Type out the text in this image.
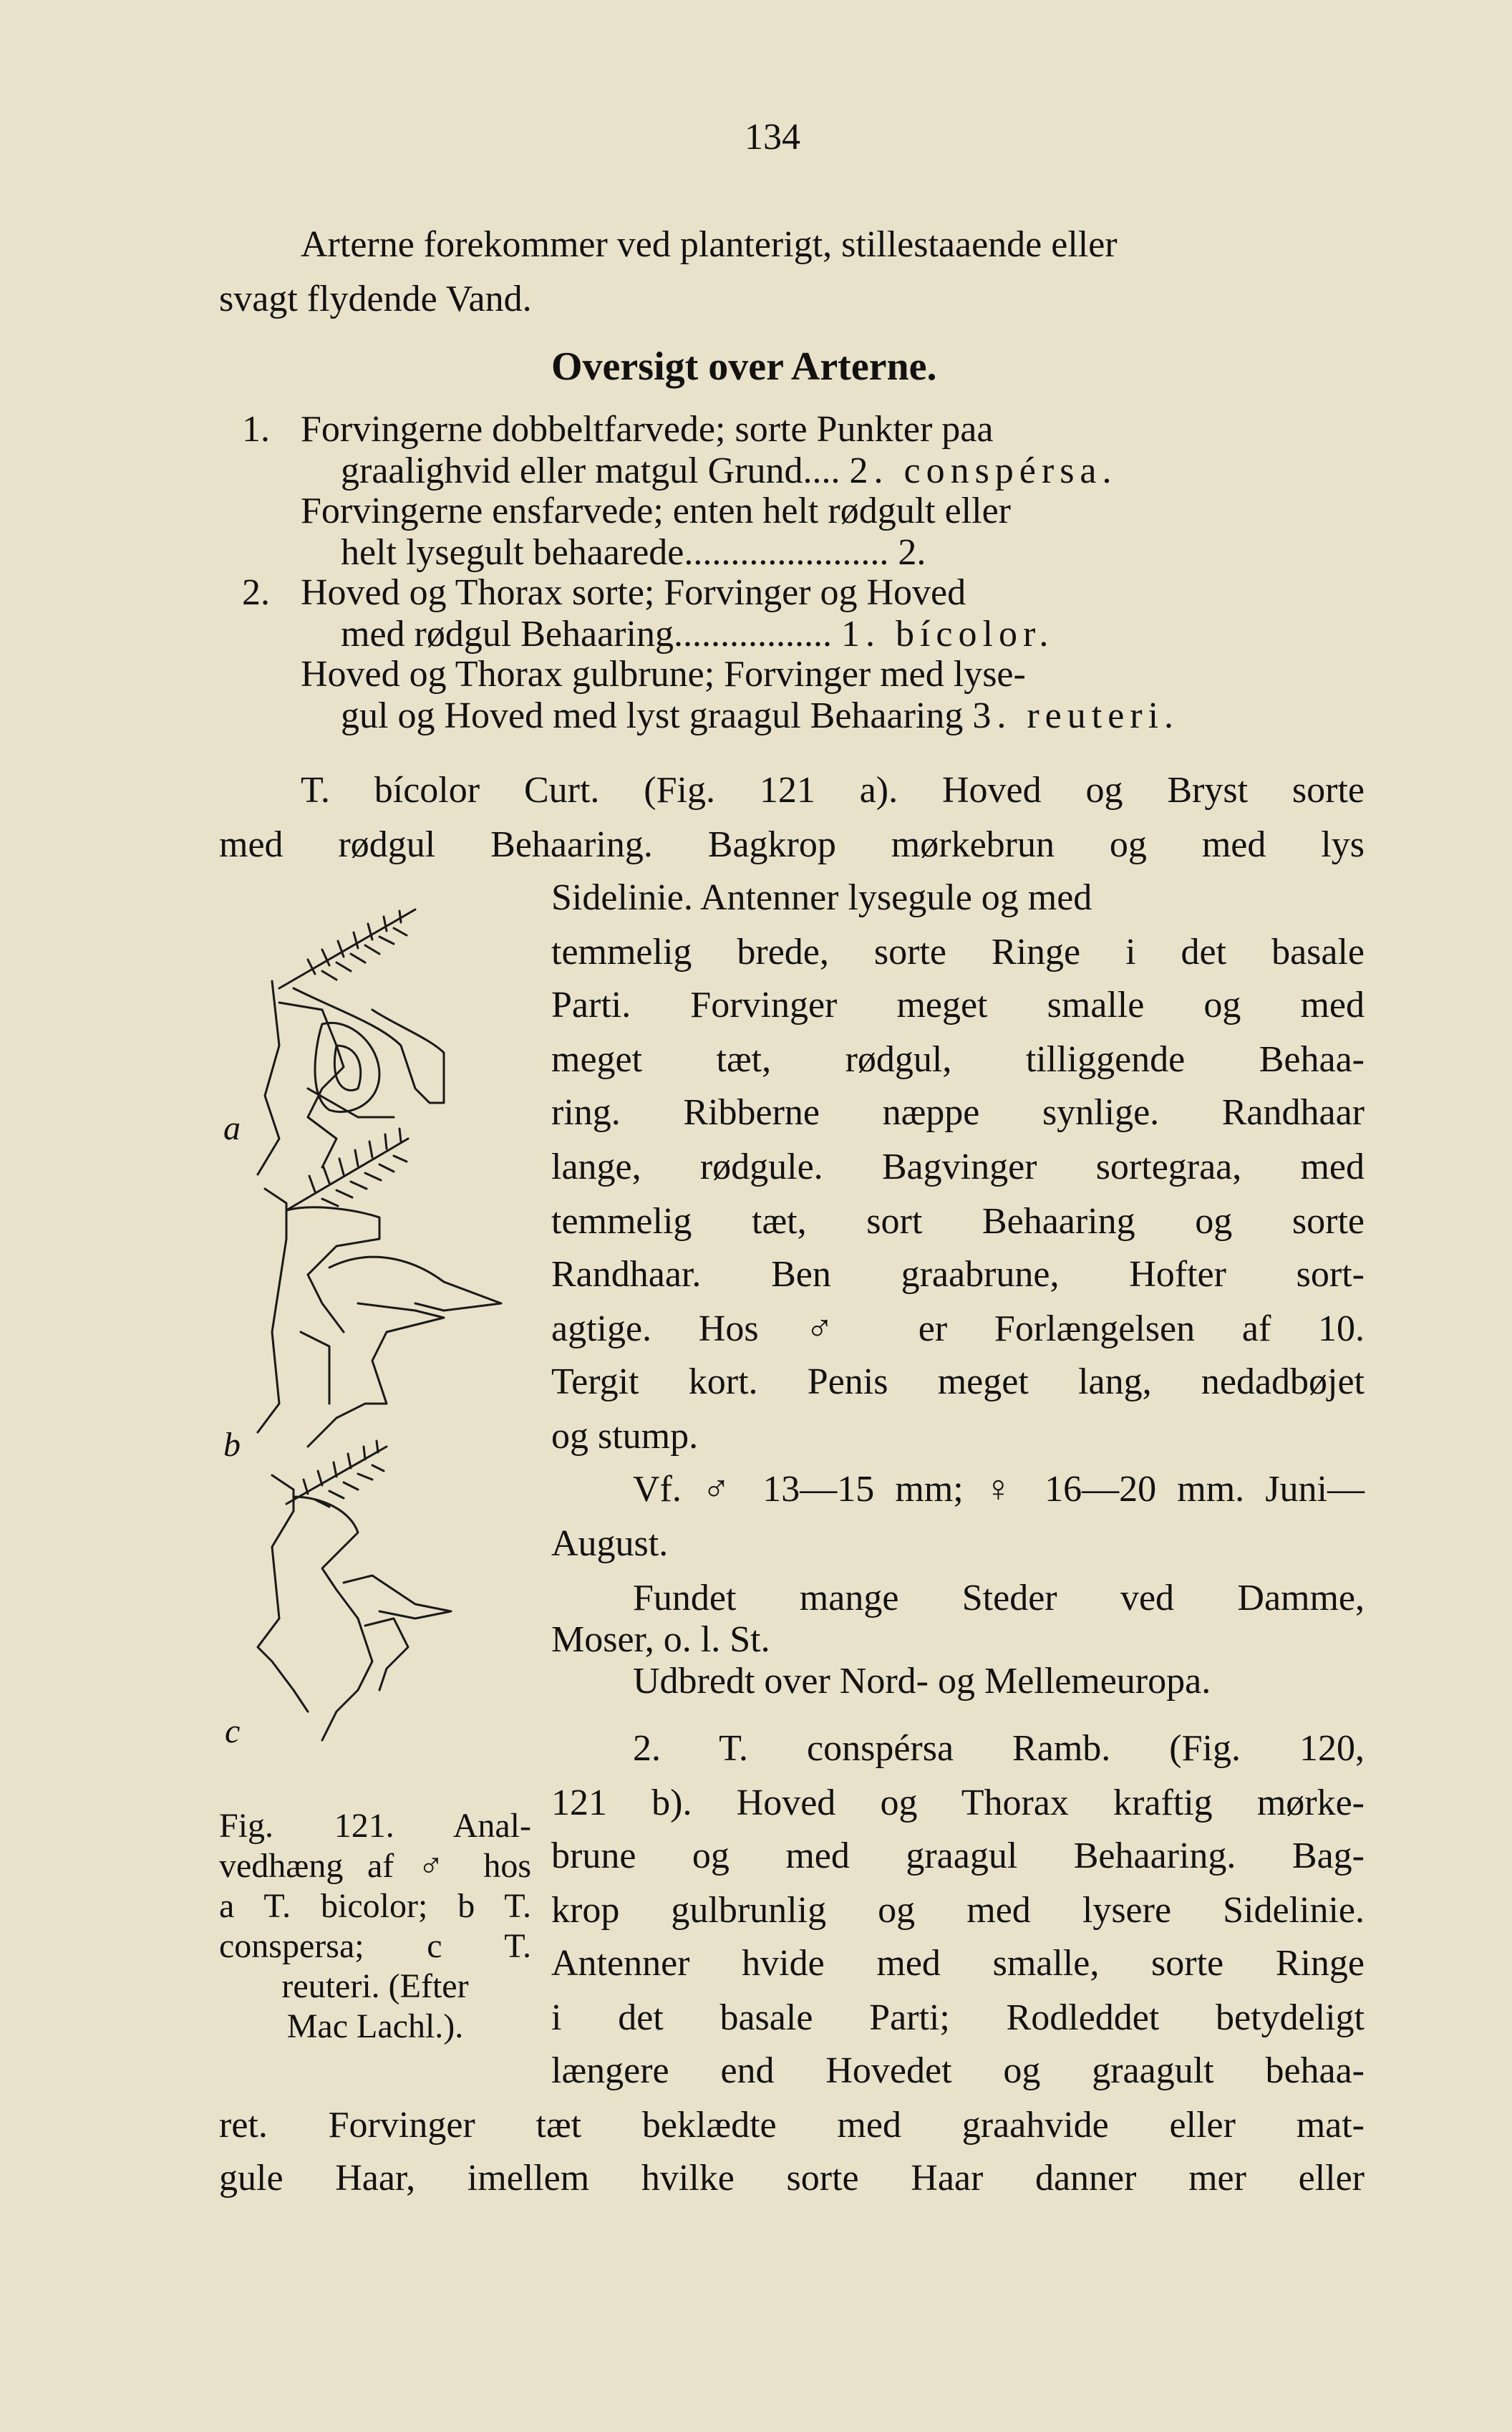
134
Arterne forekommer ved planterigt, stillestaaende eller
svagt flydende Vand.
Oversigt over Arterne.
1. Forvingerne dobbeltfarvede; sorte Punkter paa
graalighvid eller matgul Grund.... 2. conspérsa.
Forvingerne ensfarvede; enten helt rødgult eller
helt lysegult behaarede...................... 2.
2. Hoved og Thorax sorte; Forvinger og Hoved
med rødgul Behaaring................. 1. bícolor.
Hoved og Thorax gulbrune; Forvinger med lyse-
gul og Hoved med lyst graagul Behaaring 3. reuteri.
T. bícolor Curt. (Fig. 121 a). Hoved og Bryst sorte
med rødgul Behaaring. Bagkrop mørkebrun og med lys
Sidelinie. Antenner lysegule og med
temmelig brede, sorte Ringe i det basale
Parti. Forvinger meget smalle og med
meget tæt, rødgul, tilliggende Behaa-
ring. Ribberne næppe synlige. Randhaar
lange, rødgule. Bagvinger sortegraa, med
temmelig tæt, sort Behaaring og sorte
Randhaar. Ben graabrune, Hofter sort-
agtige. Hos ♂ er Forlængelsen af 10.
Tergit kort. Penis meget lang, nedadbøjet
og stump.
Vf. ♂ 13—15 mm; ♀ 16—20 mm. Juni—
August.
Fundet mange Steder ved Damme,
Moser, o. l. St.
Udbredt over Nord- og Mellemeuropa.
2. T. conspérsa Ramb. (Fig. 120,
121 b). Hoved og Thorax kraftig mørke-
brune og med graagul Behaaring. Bag-
krop gulbrunlig og med lysere Sidelinie.
Antenner hvide med smalle, sorte Ringe
i det basale Parti; Rodleddet betydeligt
længere end Hovedet og graagult behaa-
ret. Forvinger tæt beklædte med graahvide eller mat-
gule Haar, imellem hvilke sorte Haar danner mer eller
a
b
c
Fig. 121. Anal-
vedhæng af ♂ hos
a T. bicolor; b T.
conspersa; c T.
reuteri. (Efter
Mac Lachl.).
